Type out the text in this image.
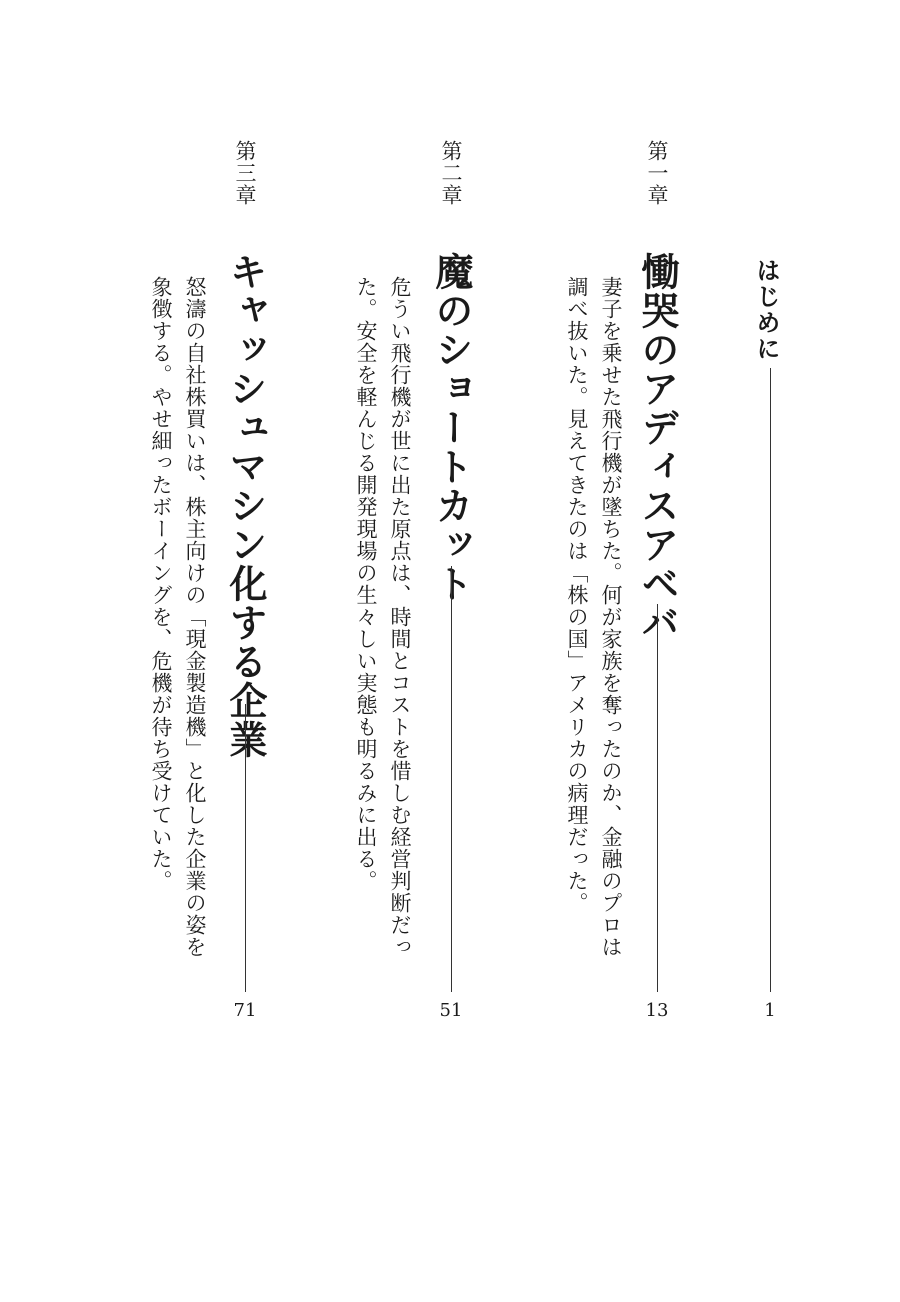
はじめに
1
第一章
慟哭のアディスアベバ
妻子を乗せた飛行機が墜ちた。何が家族を奪ったのか、金融のプロは調べ抜いた。見えてきたのは「株の国」アメリカの病理だった。
13
第二章
魔のショートカット
危うい飛行機が世に出た原点は、時間とコストを惜しむ経営判断だった。安全を軽んじる開発現場の生々しい実態も明るみに出る。
51
第三章
キャッシュマシン化する企業
怒濤の自社株買いは、株主向けの「現金製造機」と化した企業の姿を象徴する。やせ細ったボーイングを、危機が待ち受けていた。
71
